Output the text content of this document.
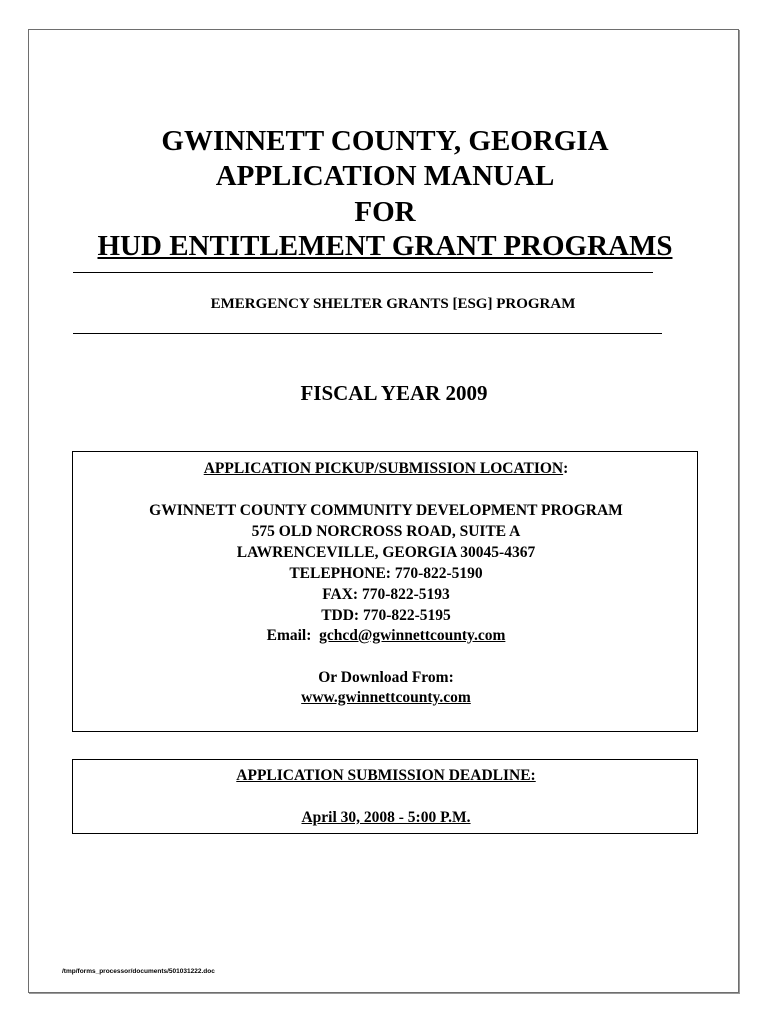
GWINNETT COUNTY, GEORGIA
APPLICATION MANUAL
FOR
HUD ENTITLEMENT GRANT PROGRAMS
EMERGENCY SHELTER GRANTS [ESG] PROGRAM
FISCAL YEAR 2009
APPLICATION PICKUP/SUBMISSION LOCATION:
GWINNETT COUNTY COMMUNITY DEVELOPMENT PROGRAM
575 OLD NORCROSS ROAD, SUITE A
LAWRENCEVILLE, GEORGIA 30045-4367
TELEPHONE: 770-822-5190
FAX: 770-822-5193
TDD: 770-822-5195
Email:  gchcd@gwinnettcounty.com
Or Download From:
www.gwinnettcounty.com
APPLICATION SUBMISSION DEADLINE:
April 30, 2008 - 5:00 P.M.
/tmp/forms_processor/documents/501031222.doc
